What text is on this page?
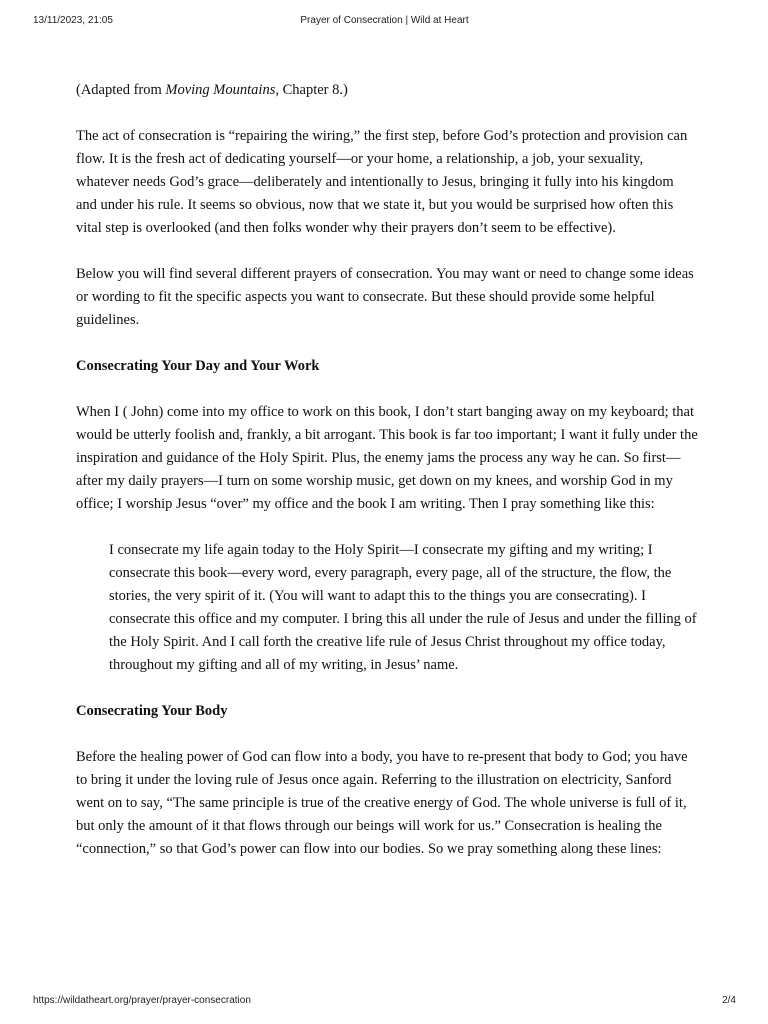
13/11/2023, 21:05	Prayer of Consecration | Wild at Heart

(Adapted from Moving Mountains, Chapter 8.)

The act of consecration is “repairing the wiring,” the first step, before God’s protection and provision can flow. It is the fresh act of dedicating yourself—or your home, a relationship, a job, your sexuality, whatever needs God’s grace—deliberately and intentionally to Jesus, bringing it fully into his kingdom and under his rule. It seems so obvious, now that we state it, but you would be surprised how often this vital step is overlooked (and then folks wonder why their prayers don’t seem to be effective).

Below you will find several different prayers of consecration. You may want or need to change some ideas or wording to fit the specific aspects you want to consecrate. But these should provide some helpful guidelines.

Consecrating Your Day and Your Work

When I ( John) come into my office to work on this book, I don’t start banging away on my keyboard; that would be utterly foolish and, frankly, a bit arrogant. This book is far too important; I want it fully under the inspiration and guidance of the Holy Spirit. Plus, the enemy jams the process any way he can. So first—after my daily prayers—I turn on some worship music, get down on my knees, and worship God in my office; I worship Jesus “over” my office and the book I am writing. Then I pray something like this:

I consecrate my life again today to the Holy Spirit—I consecrate my gifting and my writing; I consecrate this book—every word, every paragraph, every page, all of the structure, the flow, the stories, the very spirit of it. (You will want to adapt this to the things you are consecrating). I consecrate this office and my computer. I bring this all under the rule of Jesus and under the filling of the Holy Spirit. And I call forth the creative life rule of Jesus Christ throughout my office today, throughout my gifting and all of my writing, in Jesus’ name.
Consecrating Your Body

Before the healing power of God can flow into a body, you have to re-present that body to God; you have to bring it under the loving rule of Jesus once again. Referring to the illustration on electricity, Sanford went on to say, “The same principle is true of the creative energy of God. The whole universe is full of it, but only the amount of it that flows through our beings will work for us.” Consecration is healing the “connection,” so that God’s power can flow into our bodies. So we pray something along these lines:

https://wildatheart.org/prayer/prayer-consecration	2/4
